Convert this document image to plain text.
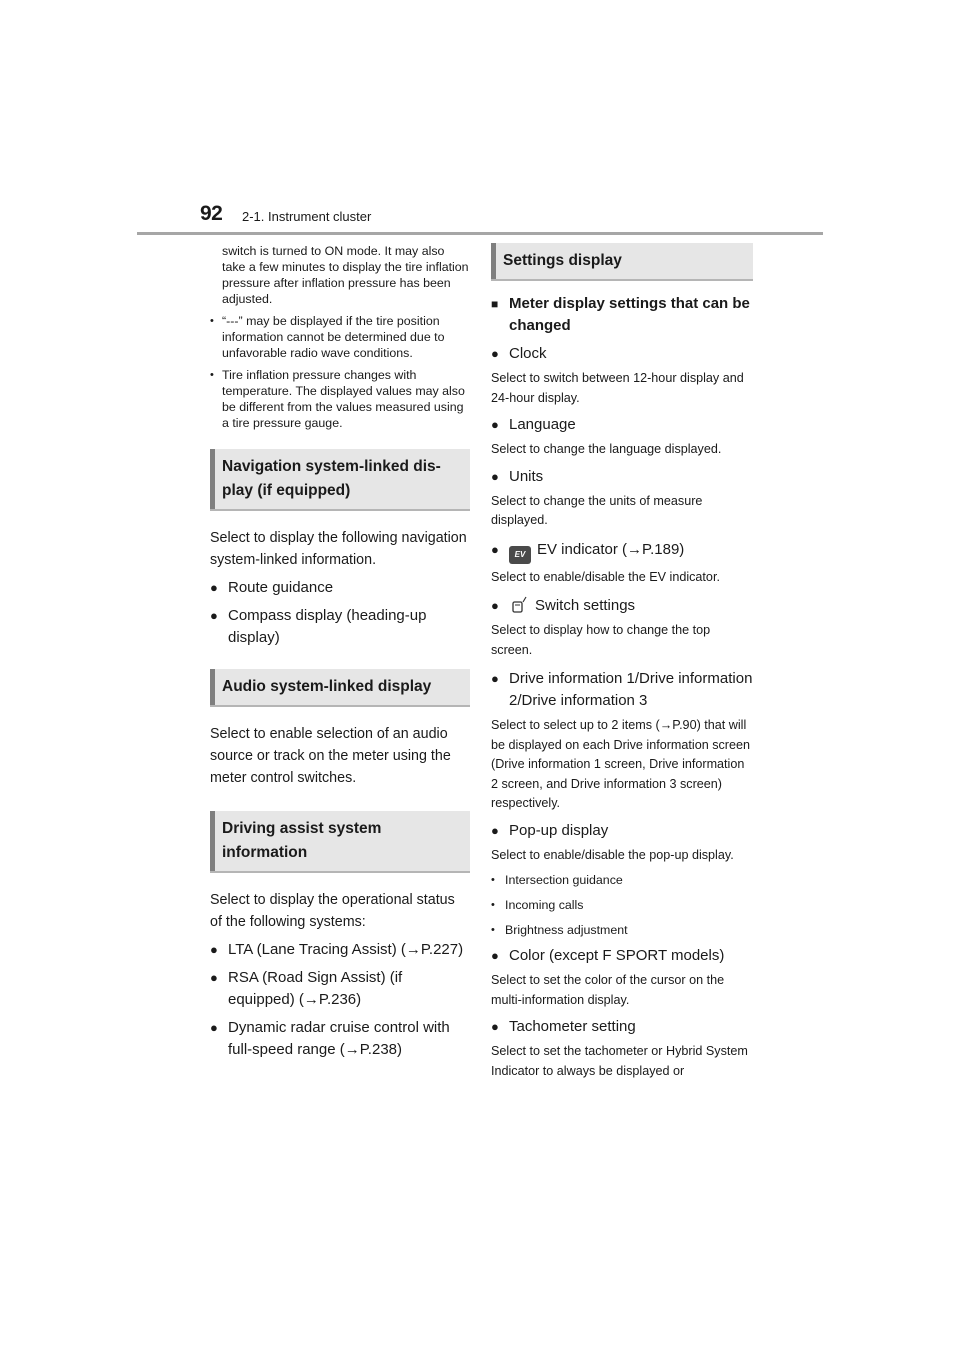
92 2-1. Instrument cluster

switch is turned to ON mode. It may also take a few minutes to display the tire inflation pressure after inflation pressure has been adjusted.

• “---” may be displayed if the tire position information cannot be determined due to unfavorable radio wave conditions.

• Tire inflation pressure changes with temperature. The displayed values may also be different from the values measured using a tire pressure gauge.

Navigation system-linked dis-
play (if equipped)

Select to display the following navigation system-linked information.

● Route guidance

● Compass display (heading-up display)

Audio system-linked display

Select to enable selection of an audio source or track on the meter using the meter control switches.

Driving assist system information

Select to display the operational status of the following systems:

● LTA (Lane Tracing Assist) (→P.227)

● RSA (Road Sign Assist) (if equipped) (→P.236)

● Dynamic radar cruise control with full-speed range (→P.238)

Settings display

■ Meter display settings that can be changed

● Clock

Select to switch between 12-hour display and 24-hour display.

● Language

Select to change the language displayed.

● Units

Select to change the units of measure displayed.

● EV EV indicator (→P.189)

Select to enable/disable the EV indicator.

● Switch settings

Select to display how to change the top screen.

● Drive information 1/Drive information 2/Drive information 3

Select to select up to 2 items (→P.90) that will be displayed on each Drive information screen (Drive information 1 screen, Drive information 2 screen, and Drive information 3 screen) respectively.

● Pop-up display

Select to enable/disable the pop-up display.

• Intersection guidance

• Incoming calls

• Brightness adjustment

● Color (except F SPORT models)

Select to set the color of the cursor on the multi-information display.

● Tachometer setting

Select to set the tachometer or Hybrid System Indicator to always be displayed or
